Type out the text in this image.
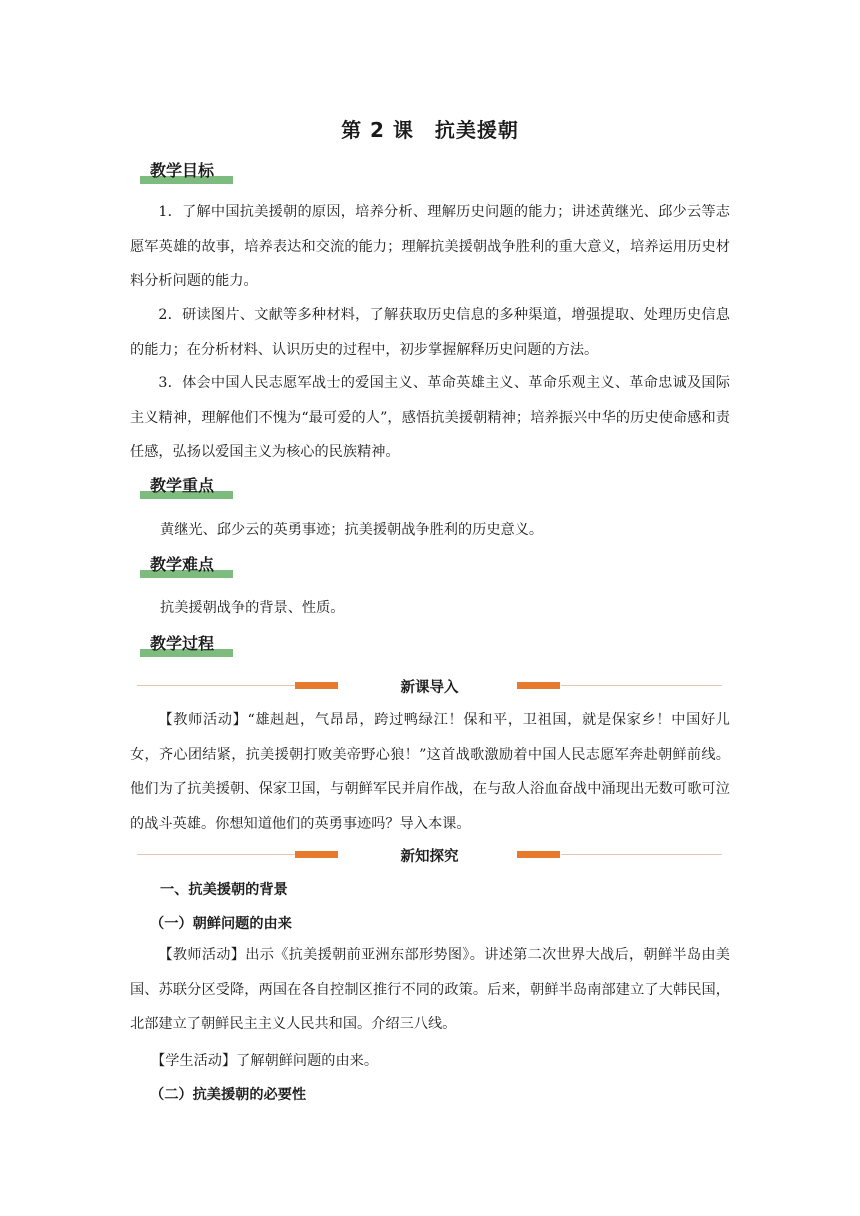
第 2 课　抗美援朝
教学目标
1．了解中国抗美援朝的原因，培养分析、理解历史问题的能力；讲述黄继光、邱少云等志愿军英雄的故事，培养表达和交流的能力；理解抗美援朝战争胜利的重大意义，培养运用历史材料分析问题的能力。
2．研读图片、文献等多种材料，了解获取历史信息的多种渠道，增强提取、处理历史信息的能力；在分析材料、认识历史的过程中，初步掌握解释历史问题的方法。
3．体会中国人民志愿军战士的爱国主义、革命英雄主义、革命乐观主义、革命忠诚及国际主义精神，理解他们不愧为“最可爱的人”，感悟抗美援朝精神；培养振兴中华的历史使命感和责任感，弘扬以爱国主义为核心的民族精神。
教学重点
黄继光、邱少云的英勇事迹；抗美援朝战争胜利的历史意义。
教学难点
抗美援朝战争的背景、性质。
教学过程
新课导入
【教师活动】“雄赳赳，气昂昂，跨过鸭绿江！保和平，卫祖国，就是保家乡！中国好儿女，齐心团结紧，抗美援朝打败美帝野心狼！”这首战歌激励着中国人民志愿军奔赴朝鲜前线。他们为了抗美援朝、保家卫国，与朝鲜军民并肩作战，在与敌人浴血奋战中涌现出无数可歌可泣的战斗英雄。你想知道他们的英勇事迹吗？导入本课。
新知探究
一、抗美援朝的背景
（一）朝鲜问题的由来
【教师活动】出示《抗美援朝前亚洲东部形势图》。讲述第二次世界大战后，朝鲜半岛由美国、苏联分区受降，两国在各自控制区推行不同的政策。后来，朝鲜半岛南部建立了大韩民国，北部建立了朝鲜民主主义人民共和国。介绍三八线。
【学生活动】了解朝鲜问题的由来。
（二）抗美援朝的必要性
